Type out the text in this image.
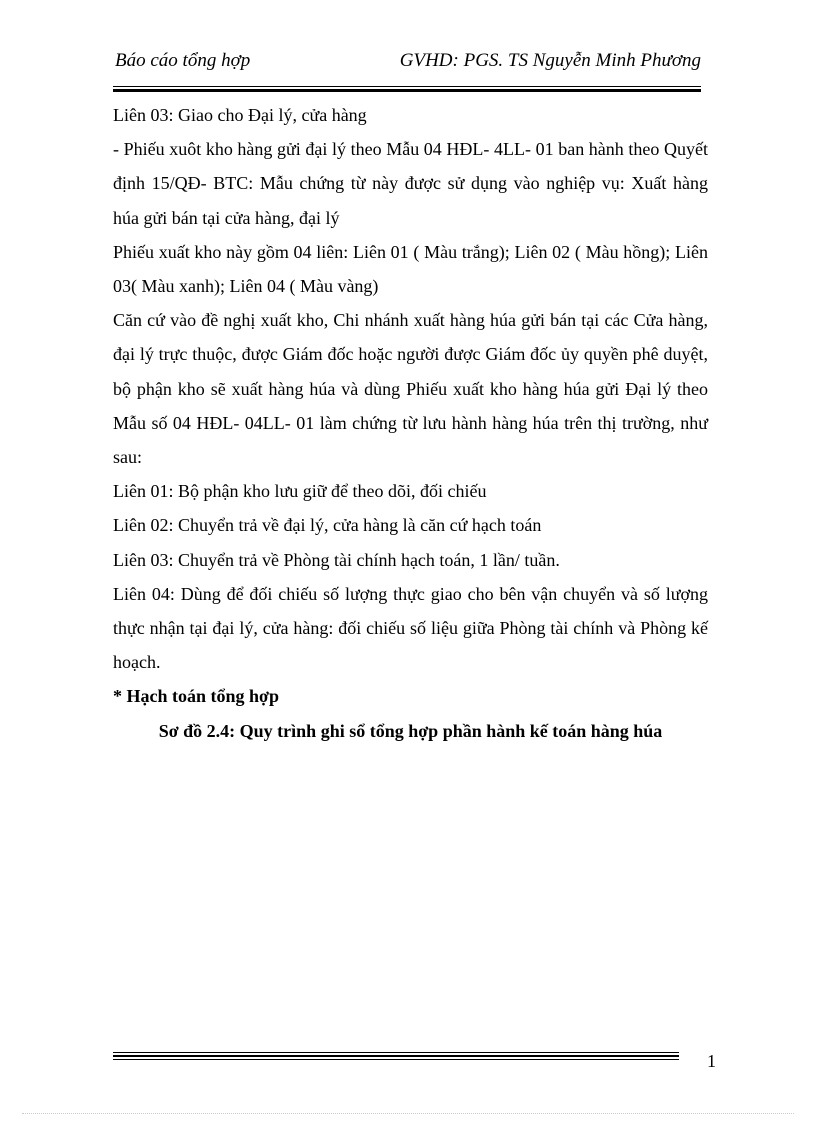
Báo cáo tổng hợp	GVHD: PGS. TS Nguyễn Minh Phương

Liên 03: Giao cho Đại lý, cửa hàng

- Phiếu xuôt kho hàng gửi đại lý theo Mẫu 04 HĐL- 4LL- 01 ban hành theo Quyết định 15/QĐ- BTC: Mẫu chứng từ này được sử dụng vào nghiệp vụ: Xuất hàng húa gửi bán tại cửa hàng, đại lý

Phiếu xuất kho này gồm 04 liên: Liên 01 ( Màu trắng); Liên 02 ( Màu hồng); Liên 03( Màu xanh); Liên 04 ( Màu vàng)

Căn cứ vào đề nghị xuất kho, Chi nhánh xuất hàng húa gửi bán tại các Cửa hàng, đại lý trực thuộc, được Giám đốc hoặc người được Giám đốc ủy quyền phê duyệt, bộ phận kho sẽ xuất hàng húa và dùng Phiếu xuất kho hàng húa gửi Đại lý theo Mẫu số 04 HĐL- 04LL- 01 làm chứng từ lưu hành hàng húa trên thị trường, như sau:

Liên 01: Bộ phận kho lưu giữ để theo dõi, đối chiếu

Liên 02: Chuyển trả về đại lý, cửa hàng là căn cứ hạch toán

Liên 03: Chuyển trả về Phòng tài chính hạch toán, 1 lần/ tuần.

Liên 04: Dùng để đối chiếu số lượng thực giao cho bên vận chuyển và số lượng thực nhận tại đại lý, cửa hàng: đối chiếu số liệu giữa Phòng tài chính và Phòng kế hoạch.

* Hạch toán tổng hợp

Sơ đồ 2.4: Quy trình ghi sổ tổng hợp phần hành kế toán hàng húa

1
